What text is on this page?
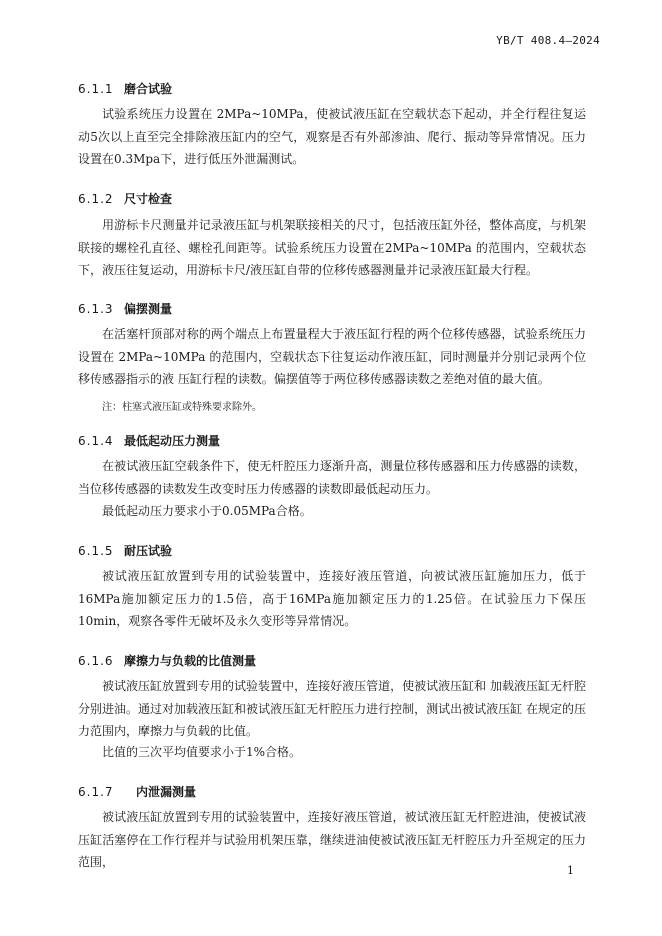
YB/T 408.4—2024
6.1.1 磨合试验
试验系统压力设置在 2MPa~10MPa，使被试液压缸在空载状态下起动，并全行程往复运动5次以上直至完全排除液压缸内的空气，观察是否有外部渗油、爬行、振动等异常情况。压力设置在0.3Mpa下，进行低压外泄漏测试。
6.1.2 尺寸检查
用游标卡尺测量并记录液压缸与机架联接相关的尺寸，包括液压缸外径，整体高度，与机架联接的螺栓孔直径、螺栓孔间距等。试验系统压力设置在2MPa~10MPa 的范围内，空载状态下，液压往复运动，用游标卡尺/液压缸自带的位移传感器测量并记录液压缸最大行程。
6.1.3 偏摆测量
在活塞杆顶部对称的两个端点上布置量程大于液压缸行程的两个位移传感器，试验系统压力设置在 2MPa~10MPa 的范围内，空载状态下往复运动作液压缸，同时测量并分别记录两个位移传感器指示的液 压缸行程的读数。偏摆值等于两位移传感器读数之差绝对值的最大值。
注：柱塞式液压缸或特殊要求除外。
6.1.4 最低起动压力测量
在被试液压缸空载条件下，使无杆腔压力逐渐升高，测量位移传感器和压力传感器的读数，当位移传感器的读数发生改变时压力传感器的读数即最低起动压力。
最低起动压力要求小于0.05MPa合格。
6.1.5 耐压试验
被试液压缸放置到专用的试验装置中，连接好液压管道，向被试液压缸施加压力，低于16MPa施加额定压力的1.5倍，高于16MPa施加额定压力的1.25倍。在试验压力下保压10min，观察各零件无破坏及永久变形等异常情况。
6.1.6 摩擦力与负载的比值测量
被试液压缸放置到专用的试验装置中，连接好液压管道，使被试液压缸和 加载液压缸无杆腔分别进油。通过对加载液压缸和被试液压缸无杆腔压力进行控制，测试出被试液压缸 在规定的压力范围内，摩擦力与负载的比值。
比值的三次平均值要求小于1%合格。
6.1.7 内泄漏测量
被试液压缸放置到专用的试验装置中，连接好液压管道，被试液压缸无杆腔进油，使被试液压缸活塞停在工作行程并与试验用机架压靠，继续进油使被试液压缸无杆腔压力升至规定的压力范围，
1
